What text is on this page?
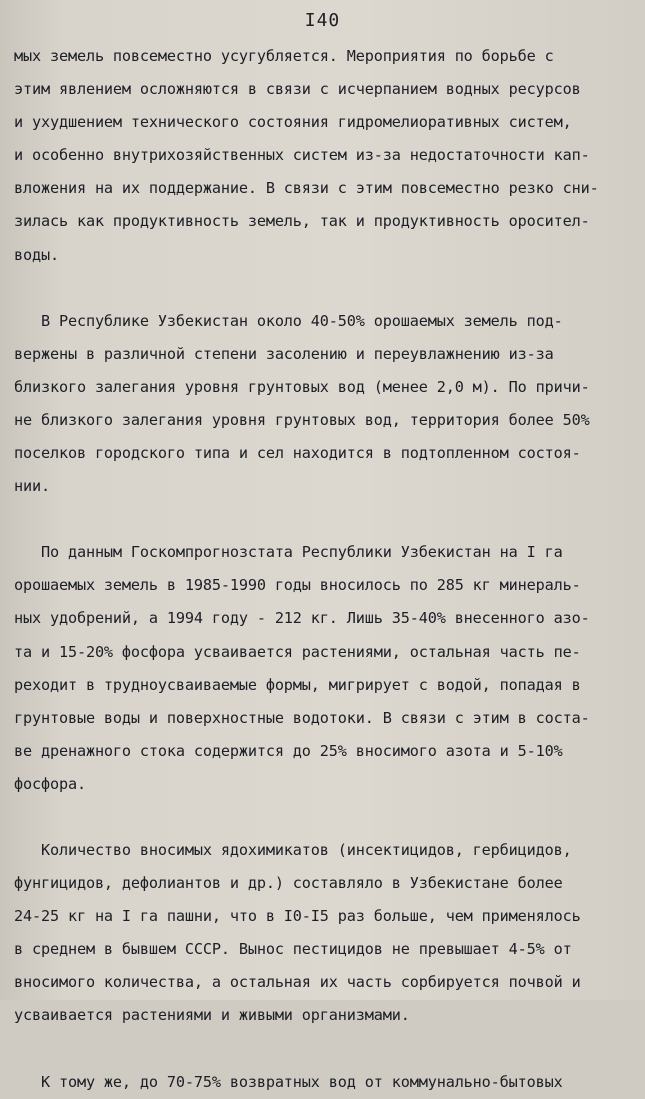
I40
мых земель повсеместно усугубляется. Мероприятия по борьбе с
этим явлением осложняются в связи с исчерпанием водных ресурсов
и ухудшением технического состояния гидромелиоративных систем,
и особенно внутрихозяйственных систем из-за недостаточности кап-
вложения на их поддержание. В связи с этим повсеместно резко сни-
зилась как продуктивность земель, так и продуктивность оросител-
воды.
В Республике Узбекистан около 40-50% орошаемых земель под-
вержены в различной степени засолению и переувлажнению из-за
близкого залегания уровня грунтовых вод (менее 2,0 м). По причи-
не близкого залегания уровня грунтовых вод, территория более 50%
поселков городского типа и сел находится в подтопленном состоя-
нии.
По данным Госкомпрогнозстата Республики Узбекистан на I га
орошаемых земель в 1985-1990 годы вносилось по 285 кг минераль-
ных удобрений, а 1994 году - 212 кг. Лишь 35-40% внесенного азо-
та и 15-20% фосфора усваивается растениями, остальная часть пе-
реходит в трудноусваиваемые формы, мигрирует с водой, попадая в
грунтовые воды и поверхностные водотоки. В связи с этим в соста-
ве дренажного стока содержится до 25% вносимого азота и 5-10%
фосфора.
Количество вносимых ядохимикатов (инсектицидов, гербицидов,
фунгицидов, дефолиантов и др.) составляло в Узбекистане более
24-25 кг на I га пашни, что в I0-I5 раз больше, чем применялось
в среднем в бывшем СССР. Вынос пестицидов не превышает 4-5% от
вносимого количества, а остальная их часть сорбируется почвой и
усваивается растениями и живыми организмами.
К тому же, до 70-75% возвратных вод от коммунально-бытовых
